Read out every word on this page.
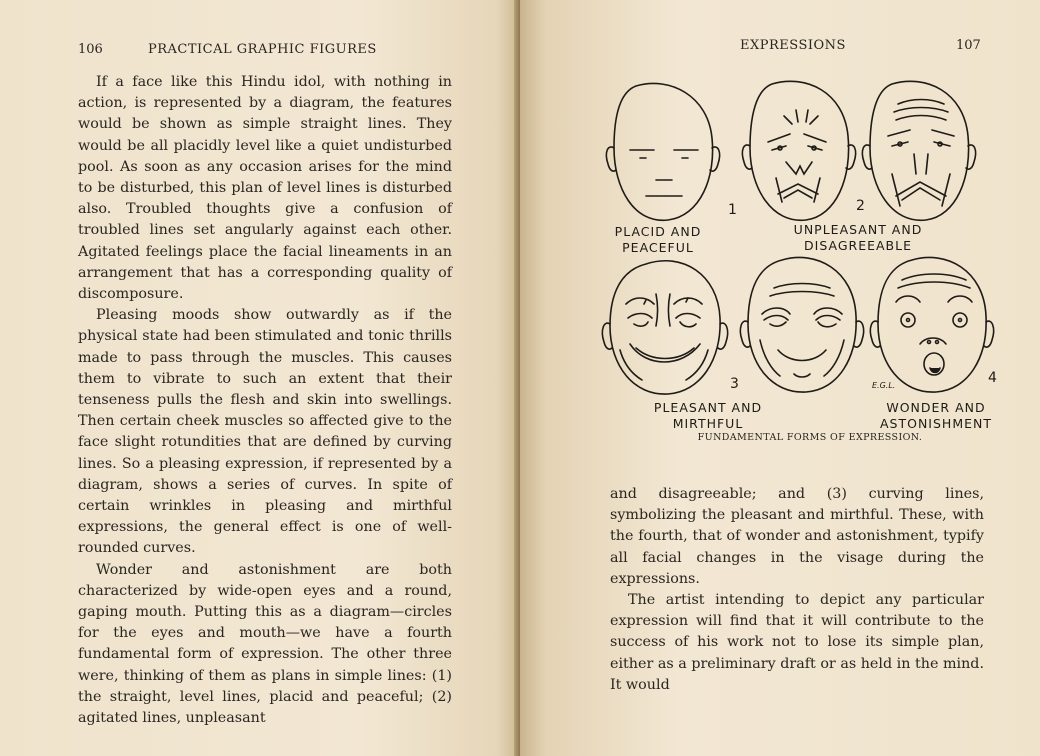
106	PRACTICAL GRAPHIC FIGURES

If a face like this Hindu idol, with nothing in action, is represented by a diagram, the features would be shown as simple straight lines. They would be all placidly level like a quiet undisturbed pool. As soon as any occasion arises for the mind to be disturbed, this plan of level lines is disturbed also. Troubled thoughts give a confusion of troubled lines set angularly against each other. Agitated feelings place the facial lineaments in an arrangement that has a corresponding quality of discomposure.

Pleasing moods show outwardly as if the physical state had been stimulated and tonic thrills made to pass through the muscles. This causes them to vibrate to such an extent that their tenseness pulls the flesh and skin into swellings. Then certain cheek muscles so affected give to the face slight rotundities that are defined by curving lines. So a pleasing expression, if represented by a diagram, shows a series of curves. In spite of certain wrinkles in pleasing and mirthful expressions, the general effect is one of well-rounded curves.

Wonder and astonishment are both characterized by wide-open eyes and a round, gaping mouth. Putting this as a diagram—circles for the eyes and mouth—we have a fourth fundamental form of expression. The other three were, thinking of them as plans in simple lines: (1) the straight, level lines, placid and peaceful; (2) agitated lines, unpleasant

EXPRESSIONS	107
1	2
3	4
PLACID AND
PEACEFUL
UNPLEASANT AND
DISAGREEABLE
PLEASANT AND
MIRTHFUL
WONDER AND
ASTONISHMENT
E.G.L.
FUNDAMENTAL FORMS OF EXPRESSION.

and disagreeable; and (3) curving lines, symbolizing the pleasant and mirthful. These, with the fourth, that of wonder and astonishment, typify all facial changes in the visage during the expressions.

The artist intending to depict any particular expression will find that it will contribute to the success of his work not to lose its simple plan, either as a preliminary draft or as held in the mind. It would
